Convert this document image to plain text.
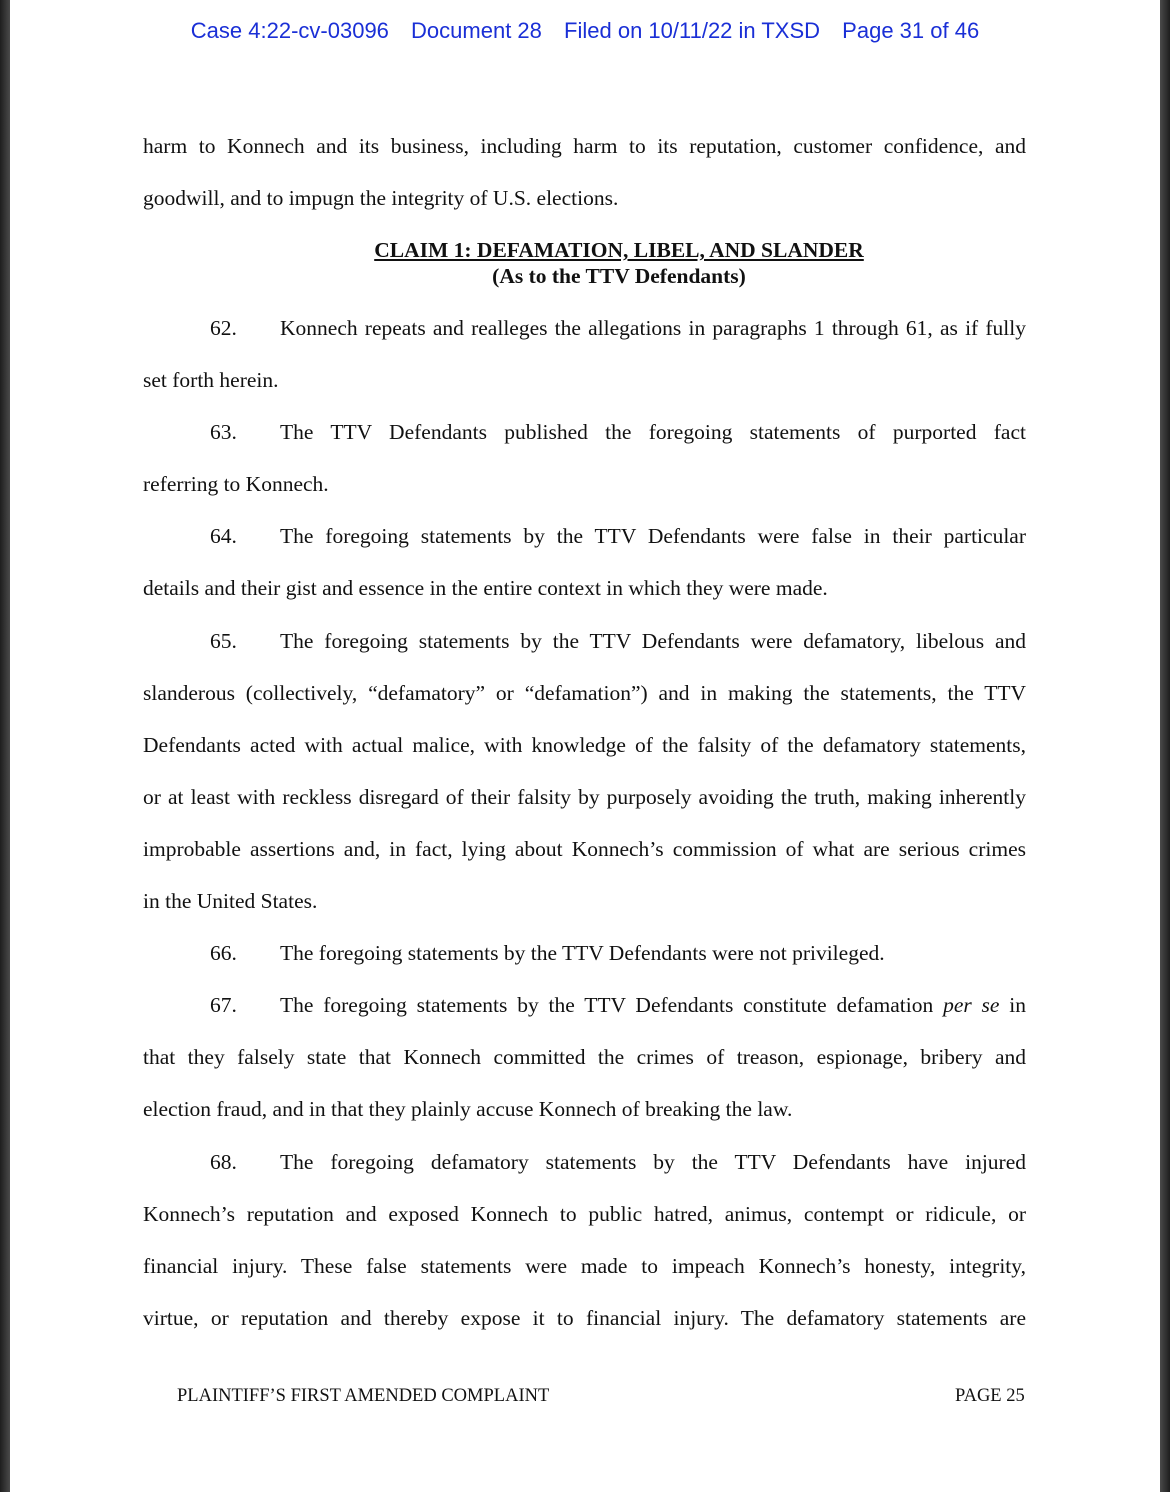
Case 4:22-cv-03096 Document 28 Filed on 10/11/22 in TXSD Page 31 of 46
harm to Konnech and its business, including harm to its reputation, customer confidence, and
goodwill, and to impugn the integrity of U.S. elections.
CLAIM 1: DEFAMATION, LIBEL, AND SLANDER
(As to the TTV Defendants)
62. Konnech repeats and realleges the allegations in paragraphs 1 through 61, as if fully
set forth herein.
63. The TTV Defendants published the foregoing statements of purported fact
referring to Konnech.
64. The foregoing statements by the TTV Defendants were false in their particular
details and their gist and essence in the entire context in which they were made.
65. The foregoing statements by the TTV Defendants were defamatory, libelous and
slanderous (collectively, “defamatory” or “defamation”) and in making the statements, the TTV
Defendants acted with actual malice, with knowledge of the falsity of the defamatory statements,
or at least with reckless disregard of their falsity by purposely avoiding the truth, making inherently
improbable assertions and, in fact, lying about Konnech’s commission of what are serious crimes
in the United States.
66. The foregoing statements by the TTV Defendants were not privileged.
67. The foregoing statements by the TTV Defendants constitute defamation per se in
that they falsely state that Konnech committed the crimes of treason, espionage, bribery and
election fraud, and in that they plainly accuse Konnech of breaking the law.
68. The foregoing defamatory statements by the TTV Defendants have injured
Konnech’s reputation and exposed Konnech to public hatred, animus, contempt or ridicule, or
financial injury. These false statements were made to impeach Konnech’s honesty, integrity,
virtue, or reputation and thereby expose it to financial injury. The defamatory statements are
PLAINTIFF’S FIRST AMENDED COMPLAINT	PAGE 25
